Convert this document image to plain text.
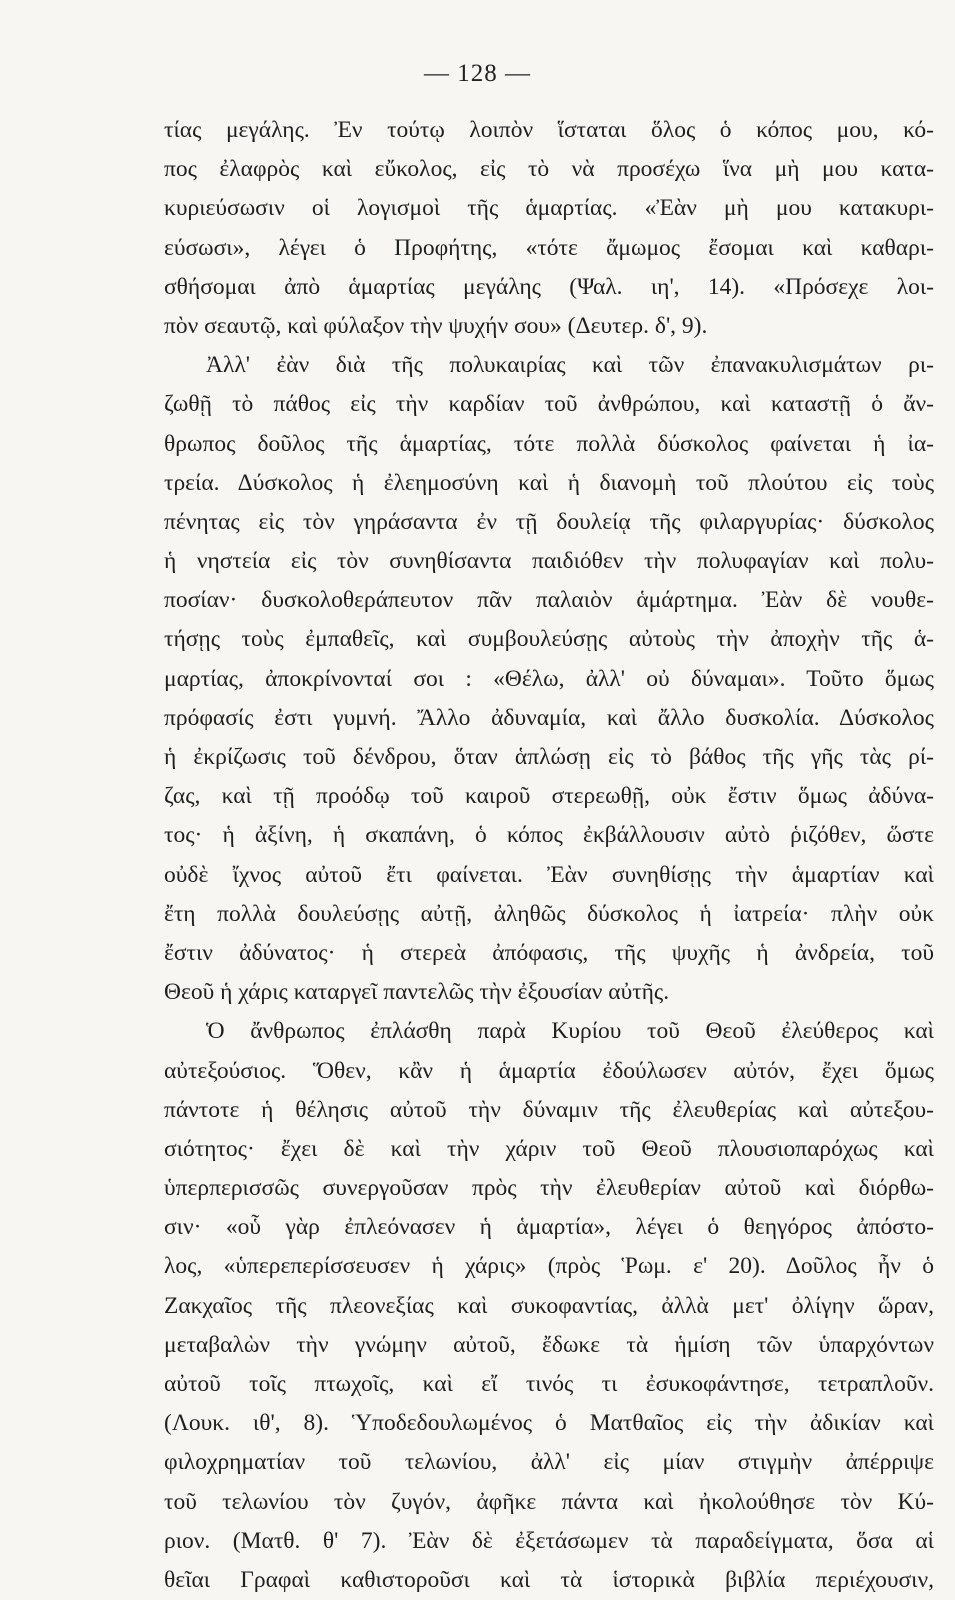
— 128 —
τίας μεγάλης. Ἐν τούτῳ λοιπὸν ἵσταται ὅλος ὁ κόπος μου, κό-
πος ἐλαφρὸς καὶ εὔκολος, εἰς τὸ νὰ προσέχω ἵνα μὴ μου κατα-
κυριεύσωσιν οἱ λογισμοὶ τῆς ἁμαρτίας. «Ἐὰν μὴ μου κατακυρι-
εύσωσι», λέγει ὁ Προφήτης, «τότε ἄμωμος ἔσομαι καὶ καθαρι-
σθήσομαι ἀπὸ ἁμαρτίας μεγάλης (Ψαλ. ιη', 14). «Πρόσεχε λοι-
πὸν σεαυτῷ, καὶ φύλαξον τὴν ψυχήν σου» (Δευτερ. δ', 9).
Ἀλλ' ἐὰν διὰ τῆς πολυκαιρίας καὶ τῶν ἐπανακυλισμάτων ρι-
ζωθῇ τὸ πάθος εἰς τὴν καρδίαν τοῦ ἀνθρώπου, καὶ καταστῇ ὁ ἄν-
θρωπος δοῦλος τῆς ἁμαρτίας, τότε πολλὰ δύσκολος φαίνεται ἡ ἰα-
τρεία. Δύσκολος ἡ ἐλεημοσύνη καὶ ἡ διανομὴ τοῦ πλούτου εἰς τοὺς
πένητας εἰς τὸν γηράσαντα ἐν τῇ δουλείᾳ τῆς φιλαργυρίας· δύσκολος
ἡ νηστεία εἰς τὸν συνηθίσαντα παιδιόθεν τὴν πολυφαγίαν καὶ πολυ-
ποσίαν· δυσκολοθεράπευτον πᾶν παλαιὸν ἁμάρτημα. Ἐὰν δὲ νουθε-
τήσῃς τοὺς ἐμπαθεῖς, καὶ συμβουλεύσῃς αὐτοὺς τὴν ἀποχὴν τῆς ἁ-
μαρτίας, ἀποκρίνονταί σοι : «Θέλω, ἀλλ' οὐ δύναμαι». Τοῦτο ὅμως
πρόφασίς ἐστι γυμνή. Ἄλλο ἀδυναμία, καὶ ἄλλο δυσκολία. Δύσκολος
ἡ ἐκρίζωσις τοῦ δένδρου, ὅταν ἁπλώσῃ εἰς τὸ βάθος τῆς γῆς τὰς ρί-
ζας, καὶ τῇ προόδῳ τοῦ καιροῦ στερεωθῇ, οὐκ ἔστιν ὅμως ἀδύνα-
τος· ἡ ἀξίνη, ἡ σκαπάνη, ὁ κόπος ἐκβάλλουσιν αὐτὸ ῥιζόθεν, ὥστε
οὐδὲ ἴχνος αὐτοῦ ἔτι φαίνεται. Ἐὰν συνηθίσῃς τὴν ἁμαρτίαν καὶ
ἔτη πολλὰ δουλεύσῃς αὐτῇ, ἀληθῶς δύσκολος ἡ ἰατρεία· πλὴν οὐκ
ἔστιν ἀδύνατος· ἡ στερεὰ ἀπόφασις, τῆς ψυχῆς ἡ ἀνδρεία, τοῦ
Θεοῦ ἡ χάρις καταργεῖ παντελῶς τὴν ἐξουσίαν αὐτῆς.
Ὁ ἄνθρωπος ἐπλάσθη παρὰ Κυρίου τοῦ Θεοῦ ἐλεύθερος καὶ
αὐτεξούσιος. Ὅθεν, κἂν ἡ ἁμαρτία ἐδούλωσεν αὐτόν, ἔχει ὅμως
πάντοτε ἡ θέλησις αὐτοῦ τὴν δύναμιν τῆς ἐλευθερίας καὶ αὐτεξου-
σιότητος· ἔχει δὲ καὶ τὴν χάριν τοῦ Θεοῦ πλουσιοπαρόχως καὶ
ὑπερπερισσῶς συνεργοῦσαν πρὸς τὴν ἐλευθερίαν αὐτοῦ καὶ διόρθω-
σιν· «οὗ γὰρ ἐπλεόνασεν ἡ ἁμαρτία», λέγει ὁ θεηγόρος ἀπόστο-
λος, «ὑπερεπερίσσευσεν ἡ χάρις» (πρὸς Ῥωμ. ε' 20). Δοῦλος ἦν ὁ
Ζακχαῖος τῆς πλεονεξίας καὶ συκοφαντίας, ἀλλὰ μετ' ὀλίγην ὥραν,
μεταβαλὼν τὴν γνώμην αὐτοῦ, ἔδωκε τὰ ἡμίση τῶν ὑπαρχόντων
αὐτοῦ τοῖς πτωχοῖς, καὶ εἴ τινός τι ἐσυκοφάντησε, τετραπλοῦν.
(Λουκ. ιθ', 8). Ὑποδεδουλωμένος ὁ Ματθαῖος εἰς τὴν ἀδικίαν καὶ
φιλοχρηματίαν τοῦ τελωνίου, ἀλλ' εἰς μίαν στιγμὴν ἀπέρριψε
τοῦ τελωνίου τὸν ζυγόν, ἀφῆκε πάντα καὶ ἠκολούθησε τὸν Κύ-
ριον. (Ματθ. θ' 7). Ἐὰν δὲ ἐξετάσωμεν τὰ παραδείγματα, ὅσα αἱ
θεῖαι Γραφαὶ καθιστοροῦσι καὶ τὰ ἱστορικὰ βιβλία περιέχουσιν,
